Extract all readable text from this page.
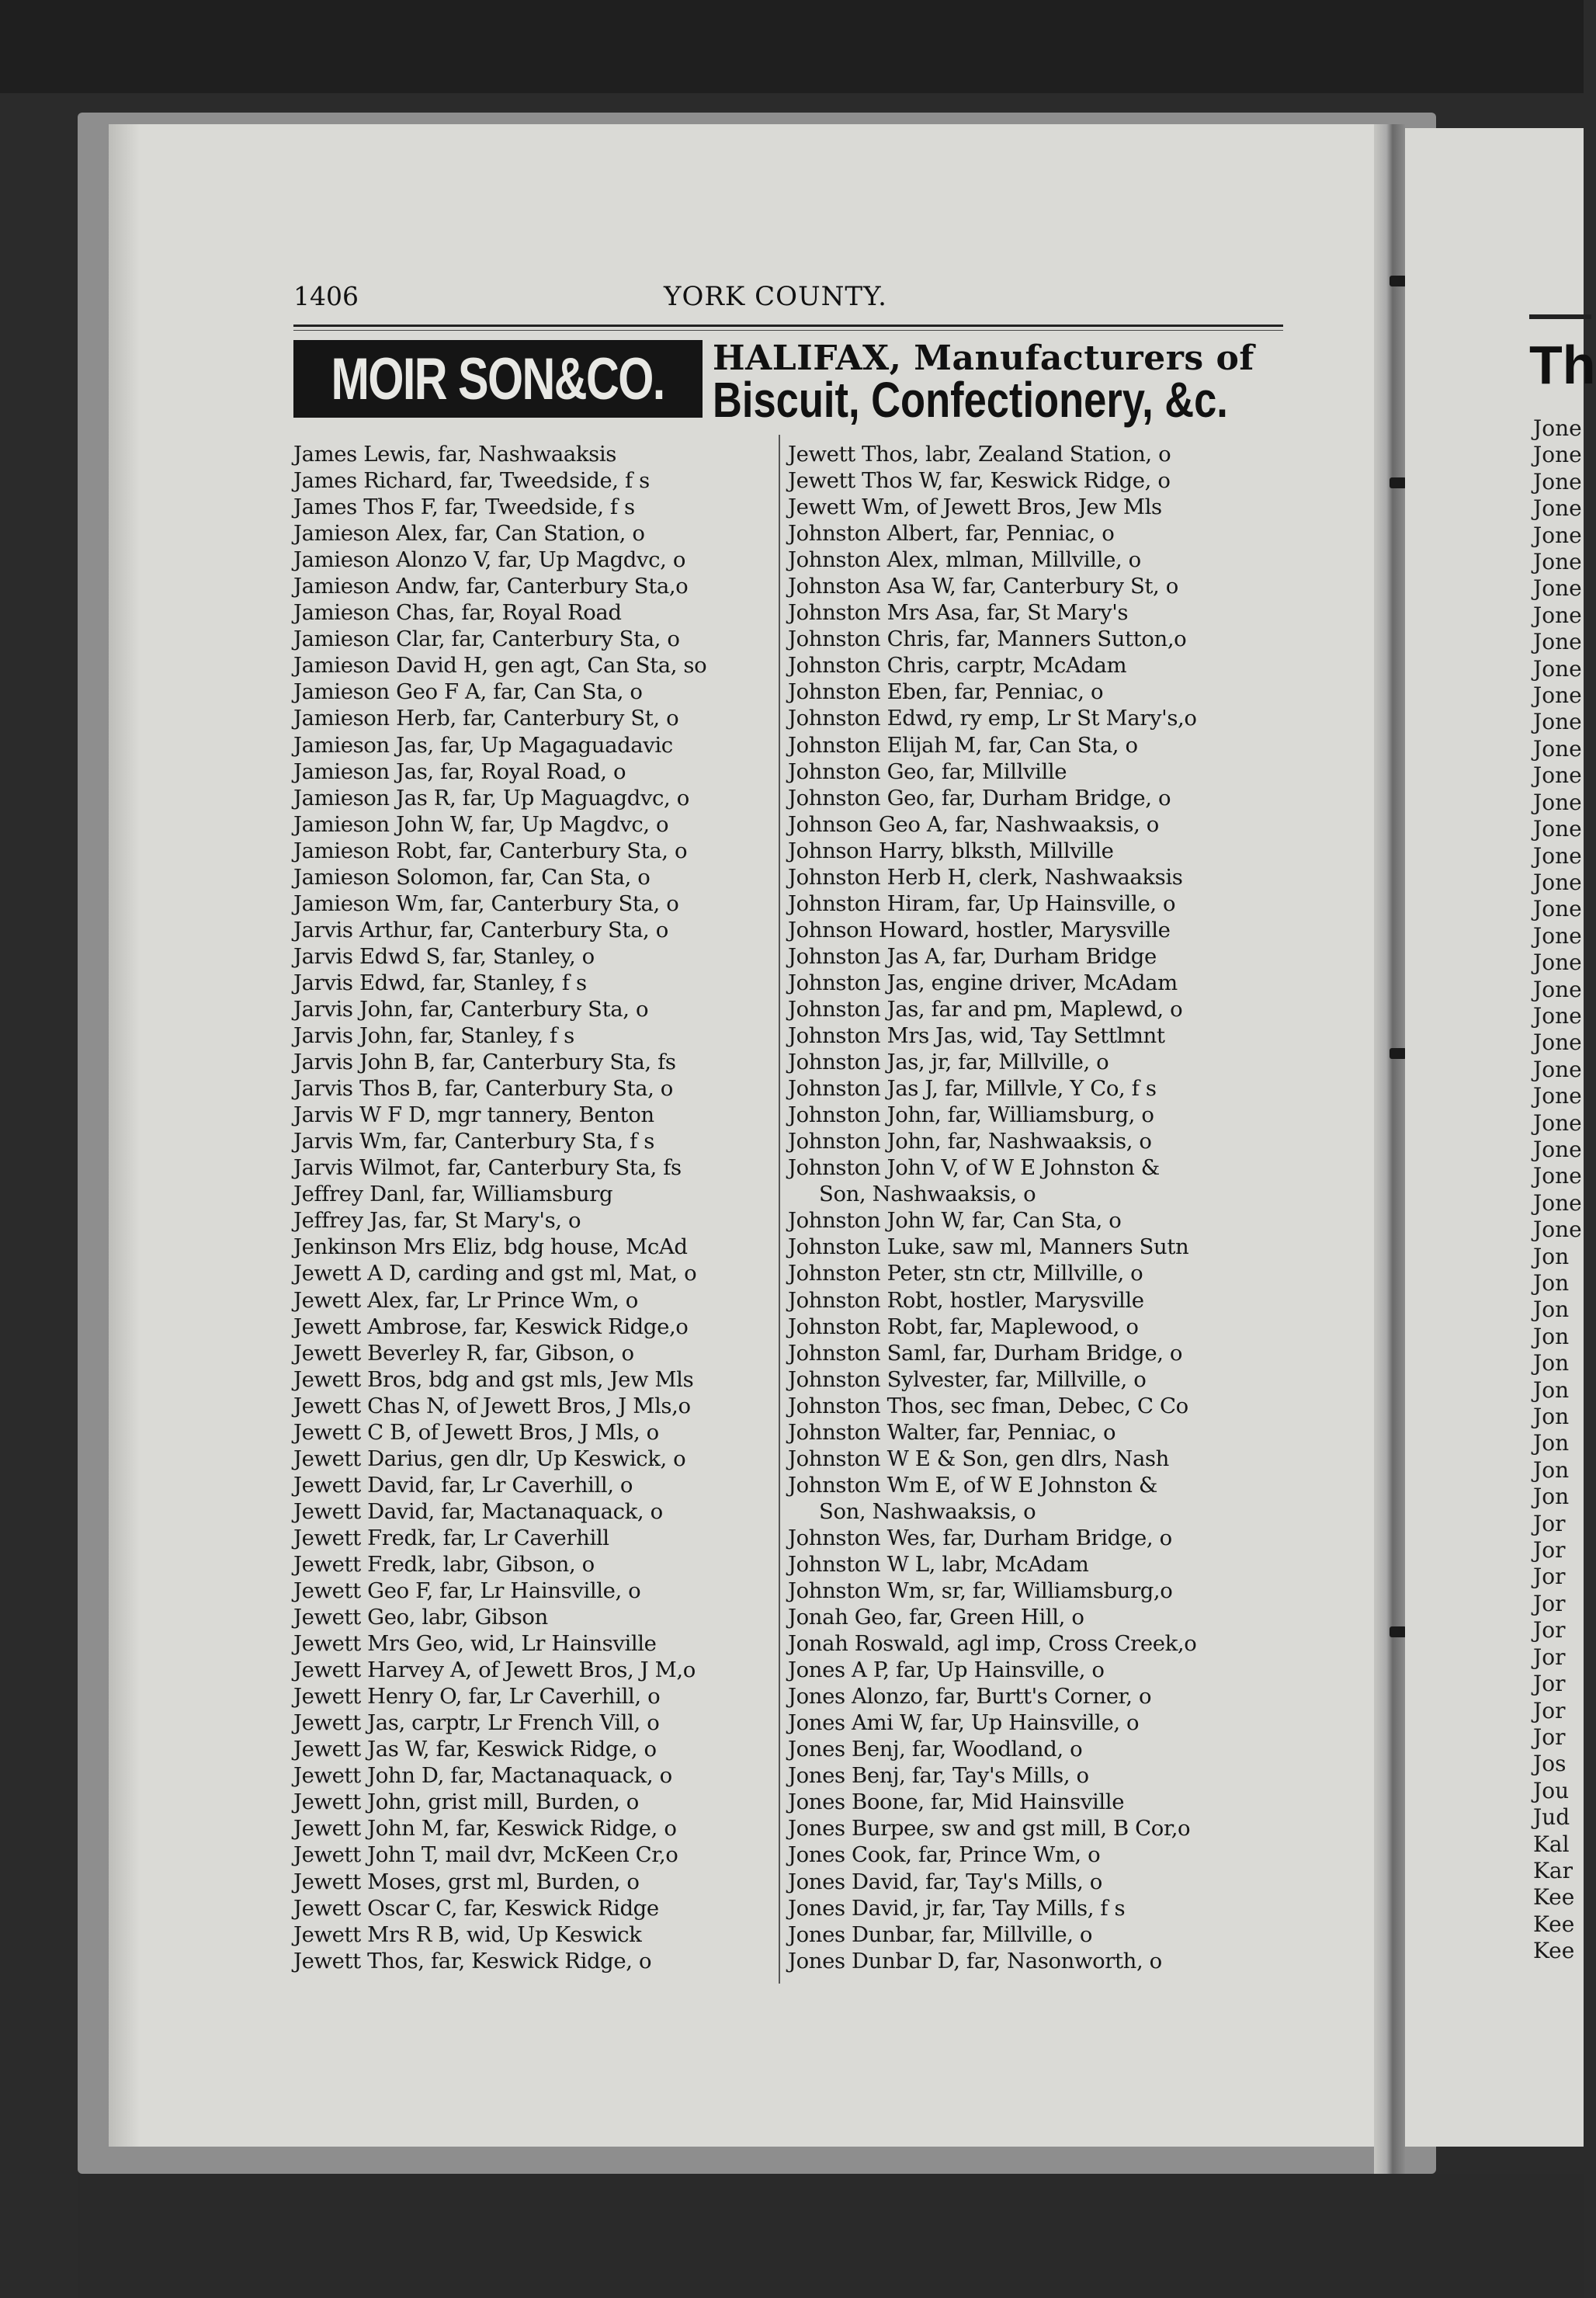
Th
Jone
Jone
Jone
Jone
Jone
Jone
Jone
Jone
Jone
Jone
Jone
Jone
Jone
Jone
Jone
Jone
Jone
Jone
Jone
Jone
Jone
Jone
Jone
Jone
Jone
Jone
Jone
Jone
Jone
Jone
Jone
Jon
Jon
Jon
Jon
Jon
Jon
Jon
Jon
Jon
Jon
Jor
Jor
Jor
Jor
Jor
Jor
Jor
Jor
Jor
Jos
Jou
Jud
Kal
Kar
Kee
Kee
Kee
1406	YORK COUNTY.
MOIR SON&CO. HALIFAX, Manufacturers of
Biscuit, Confectionery, &c.
James Lewis, far, Nashwaaksis
James Richard, far, Tweedside, f s
James Thos F, far, Tweedside, f s
Jamieson Alex, far, Can Station, o
Jamieson Alonzo V, far, Up Magdvc, o
Jamieson Andw, far, Canterbury Sta,o
Jamieson Chas, far, Royal Road
Jamieson Clar, far, Canterbury Sta, o
Jamieson David H, gen agt, Can Sta, so
Jamieson Geo F A, far, Can Sta, o
Jamieson Herb, far, Canterbury St, o
Jamieson Jas, far, Up Magaguadavic
Jamieson Jas, far, Royal Road, o
Jamieson Jas R, far, Up Maguagdvc, o
Jamieson John W, far, Up Magdvc, o
Jamieson Robt, far, Canterbury Sta, o
Jamieson Solomon, far, Can Sta, o
Jamieson Wm, far, Canterbury Sta, o
Jarvis Arthur, far, Canterbury Sta, o
Jarvis Edwd S, far, Stanley, o
Jarvis Edwd, far, Stanley, f s
Jarvis John, far, Canterbury Sta, o
Jarvis John, far, Stanley, f s
Jarvis John B, far, Canterbury Sta, fs
Jarvis Thos B, far, Canterbury Sta, o
Jarvis W F D, mgr tannery, Benton
Jarvis Wm, far, Canterbury Sta, f s
Jarvis Wilmot, far, Canterbury Sta, fs
Jeffrey Danl, far, Williamsburg
Jeffrey Jas, far, St Mary's, o
Jenkinson Mrs Eliz, bdg house, McAd
Jewett A D, carding and gst ml, Mat, o
Jewett Alex, far, Lr Prince Wm, o
Jewett Ambrose, far, Keswick Ridge,o
Jewett Beverley R, far, Gibson, o
Jewett Bros, bdg and gst mls, Jew Mls
Jewett Chas N, of Jewett Bros, J Mls,o
Jewett C B, of Jewett Bros, J Mls, o
Jewett Darius, gen dlr, Up Keswick, o
Jewett David, far, Lr Caverhill, o
Jewett David, far, Mactanaquack, o
Jewett Fredk, far, Lr Caverhill
Jewett Fredk, labr, Gibson, o
Jewett Geo F, far, Lr Hainsville, o
Jewett Geo, labr, Gibson
Jewett Mrs Geo, wid, Lr Hainsville
Jewett Harvey A, of Jewett Bros, J M,o
Jewett Henry O, far, Lr Caverhill, o
Jewett Jas, carptr, Lr French Vill, o
Jewett Jas W, far, Keswick Ridge, o
Jewett John D, far, Mactanaquack, o
Jewett John, grist mill, Burden, o
Jewett John M, far, Keswick Ridge, o
Jewett John T, mail dvr, McKeen Cr,o
Jewett Moses, grst ml, Burden, o
Jewett Oscar C, far, Keswick Ridge
Jewett Mrs R B, wid, Up Keswick
Jewett Thos, far, Keswick Ridge, o
Jewett Thos, labr, Zealand Station, o
Jewett Thos W, far, Keswick Ridge, o
Jewett Wm, of Jewett Bros, Jew Mls
Johnston Albert, far, Penniac, o
Johnston Alex, mlman, Millville, o
Johnston Asa W, far, Canterbury St, o
Johnston Mrs Asa, far, St Mary's
Johnston Chris, far, Manners Sutton,o
Johnston Chris, carptr, McAdam
Johnston Eben, far, Penniac, o
Johnston Edwd, ry emp, Lr St Mary's,o
Johnston Elijah M, far, Can Sta, o
Johnston Geo, far, Millville
Johnston Geo, far, Durham Bridge, o
Johnson Geo A, far, Nashwaaksis, o
Johnson Harry, blksth, Millville
Johnston Herb H, clerk, Nashwaaksis
Johnston Hiram, far, Up Hainsville, o
Johnson Howard, hostler, Marysville
Johnston Jas A, far, Durham Bridge
Johnston Jas, engine driver, McAdam
Johnston Jas, far and pm, Maplewd, o
Johnston Mrs Jas, wid, Tay Settlmnt
Johnston Jas, jr, far, Millville, o
Johnston Jas J, far, Millvle, Y Co, f s
Johnston John, far, Williamsburg, o
Johnston John, far, Nashwaaksis, o
Johnston John V, of W E Johnston &
Son, Nashwaaksis, o
Johnston John W, far, Can Sta, o
Johnston Luke, saw ml, Manners Sutn
Johnston Peter, stn ctr, Millville, o
Johnston Robt, hostler, Marysville
Johnston Robt, far, Maplewood, o
Johnston Saml, far, Durham Bridge, o
Johnston Sylvester, far, Millville, o
Johnston Thos, sec fman, Debec, C Co
Johnston Walter, far, Penniac, o
Johnston W E & Son, gen dlrs, Nash
Johnston Wm E, of W E Johnston &
Son, Nashwaaksis, o
Johnston Wes, far, Durham Bridge, o
Johnston W L, labr, McAdam
Johnston Wm, sr, far, Williamsburg,o
Jonah Geo, far, Green Hill, o
Jonah Roswald, agl imp, Cross Creek,o
Jones A P, far, Up Hainsville, o
Jones Alonzo, far, Burtt's Corner, o
Jones Ami W, far, Up Hainsville, o
Jones Benj, far, Woodland, o
Jones Benj, far, Tay's Mills, o
Jones Boone, far, Mid Hainsville
Jones Burpee, sw and gst mill, B Cor,o
Jones Cook, far, Prince Wm, o
Jones David, far, Tay's Mills, o
Jones David, jr, far, Tay Mills, f s
Jones Dunbar, far, Millville, o
Jones Dunbar D, far, Nasonworth, o
